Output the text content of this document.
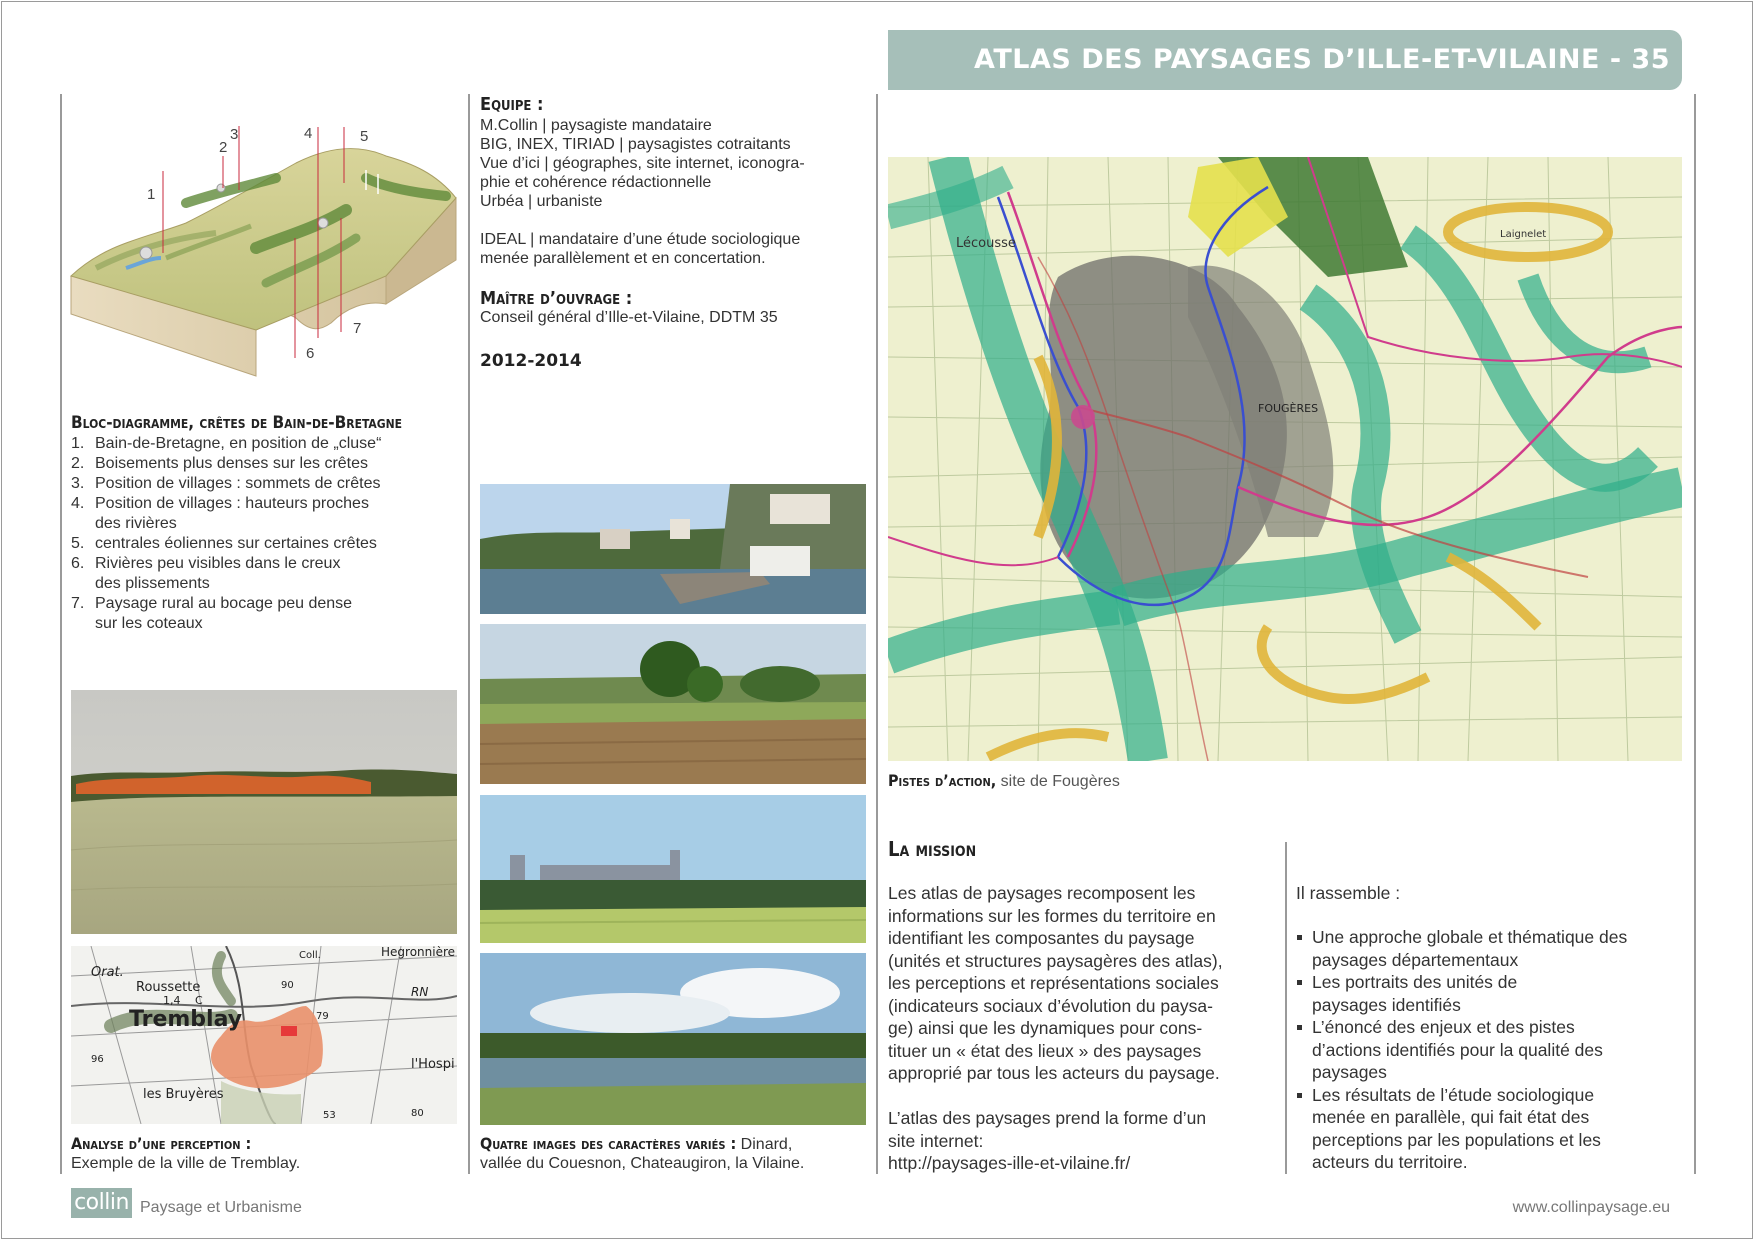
ATLAS DES PAYSAGES D’ILLE-ET-VILAINE - 35
1
2
3	4	5
6
7
Bloc-diagramme, crêtes de Bain-de-Bretagne
1. Bain-de-Bretagne, en position de „cluse“
2. Boisements plus denses sur les crêtes
3. Position de villages : sommets de crêtes
4. Position de villages : hauteurs proches
des rivières
5. centrales éoliennes sur certaines crêtes
6. Rivières peu visibles dans le creux
des plissements
7. Paysage rural au bocage peu dense
sur les coteaux
Hegronnière
Orat.
Roussette
1,4 C
Coll.
90	RN
79
Tremblay
l'Hospi
96
les Bruyères
53	80
Analyse d’une perception :
Exemple de la ville de Tremblay.
Equipe :
M.Collin | paysagiste mandataire
BIG, INEX, TIRIAD | paysagistes cotraitants
Vue d’ici | géographes, site internet, iconogra-
phie et cohérence rédactionnelle
Urbéa | urbaniste
IDEAL | mandataire d’une étude sociologique
menée parallèlement et en concertation.
Maître d’ouvrage :
Conseil général d’Ille-et-Vilaine, DDTM 35
2012-2014
Quatre images des caractères variés : Dinard,
vallée du Couesnon, Chateaugiron, la Vilaine.
Lécousse
FOUGÈRES
Laignelet
Pistes d’action, site de Fougères
La mission
Les atlas de paysages recomposent les
informations sur les formes du territoire en
identifiant les composantes du paysage
(unités et structures paysagères des atlas),
les perceptions et représentations sociales
(indicateurs sociaux d’évolution du paysa-
ge) ainsi que les dynamiques pour cons-
tituer un « état des lieux » des paysages
approprié par tous les acteurs du paysage.
L’atlas des paysages prend la forme d’un
site internet:
http://paysages-ille-et-vilaine.fr/
Il rassemble :
Une approche globale et thématique des
paysages départementaux
Les portraits des unités de
paysages identifiés
L’énoncé des enjeux et des pistes
d’actions identifiés pour la qualité des
paysages
Les résultats de l’étude sociologique
menée en parallèle, qui fait état des
perceptions par les populations et les
acteurs du territoire.
collin Paysage et Urbanisme	www.collinpaysage.eu
